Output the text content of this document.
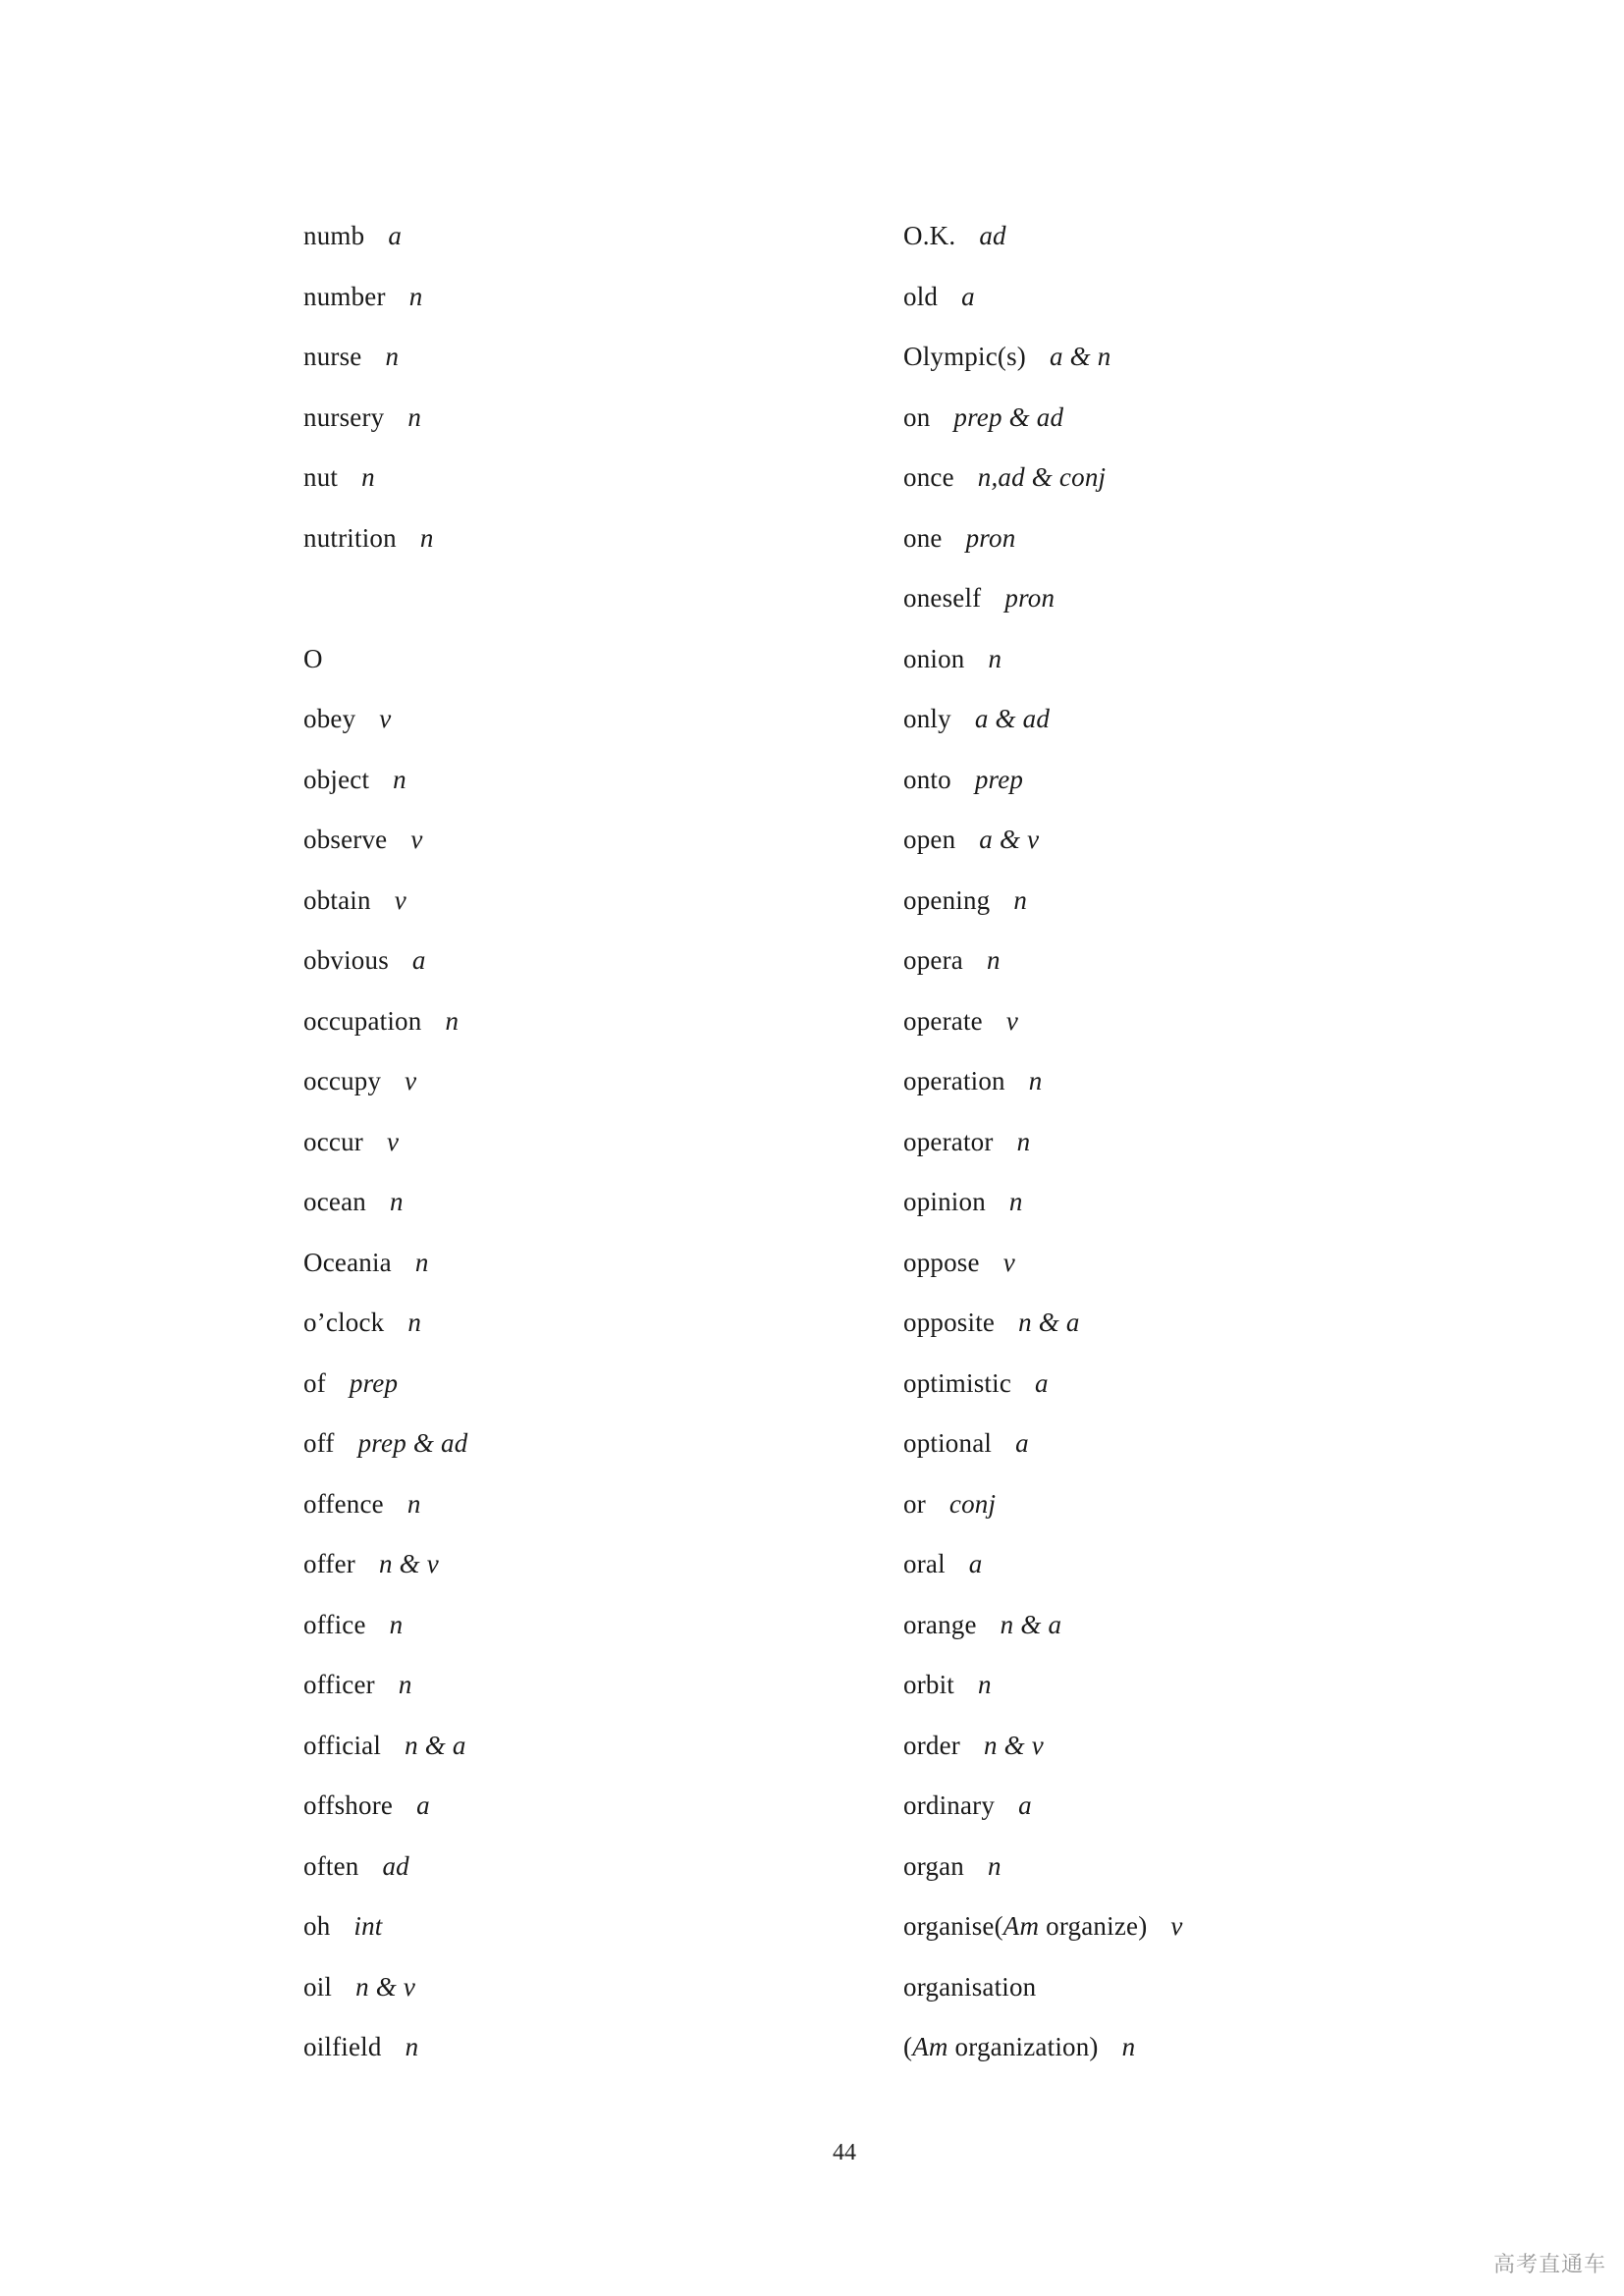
numb a
number n
nurse n
nursery n
nut n
nutrition n
O
obey v
object n
observe v
obtain v
obvious a
occupation n
occupy v
occur v
ocean n
Oceania n
o’clock n
of prep
off prep & ad
offence n
offer n & v
office n
officer n
official n & a
offshore a
often ad
oh int
oil n & v
oilfield n
O.K. ad
old a
Olympic(s) a & n
on prep & ad
once n,ad & conj
one pron
oneself pron
onion n
only a & ad
onto prep
open a & v
opening n
opera n
operate v
operation n
operator n
opinion n
oppose v
opposite n & a
optimistic a
optional a
or conj
oral a
orange n & a
orbit n
order n & v
ordinary a
organ n
organise(Am organize) v
organisation
(Am organization) n
44
高考直通车
